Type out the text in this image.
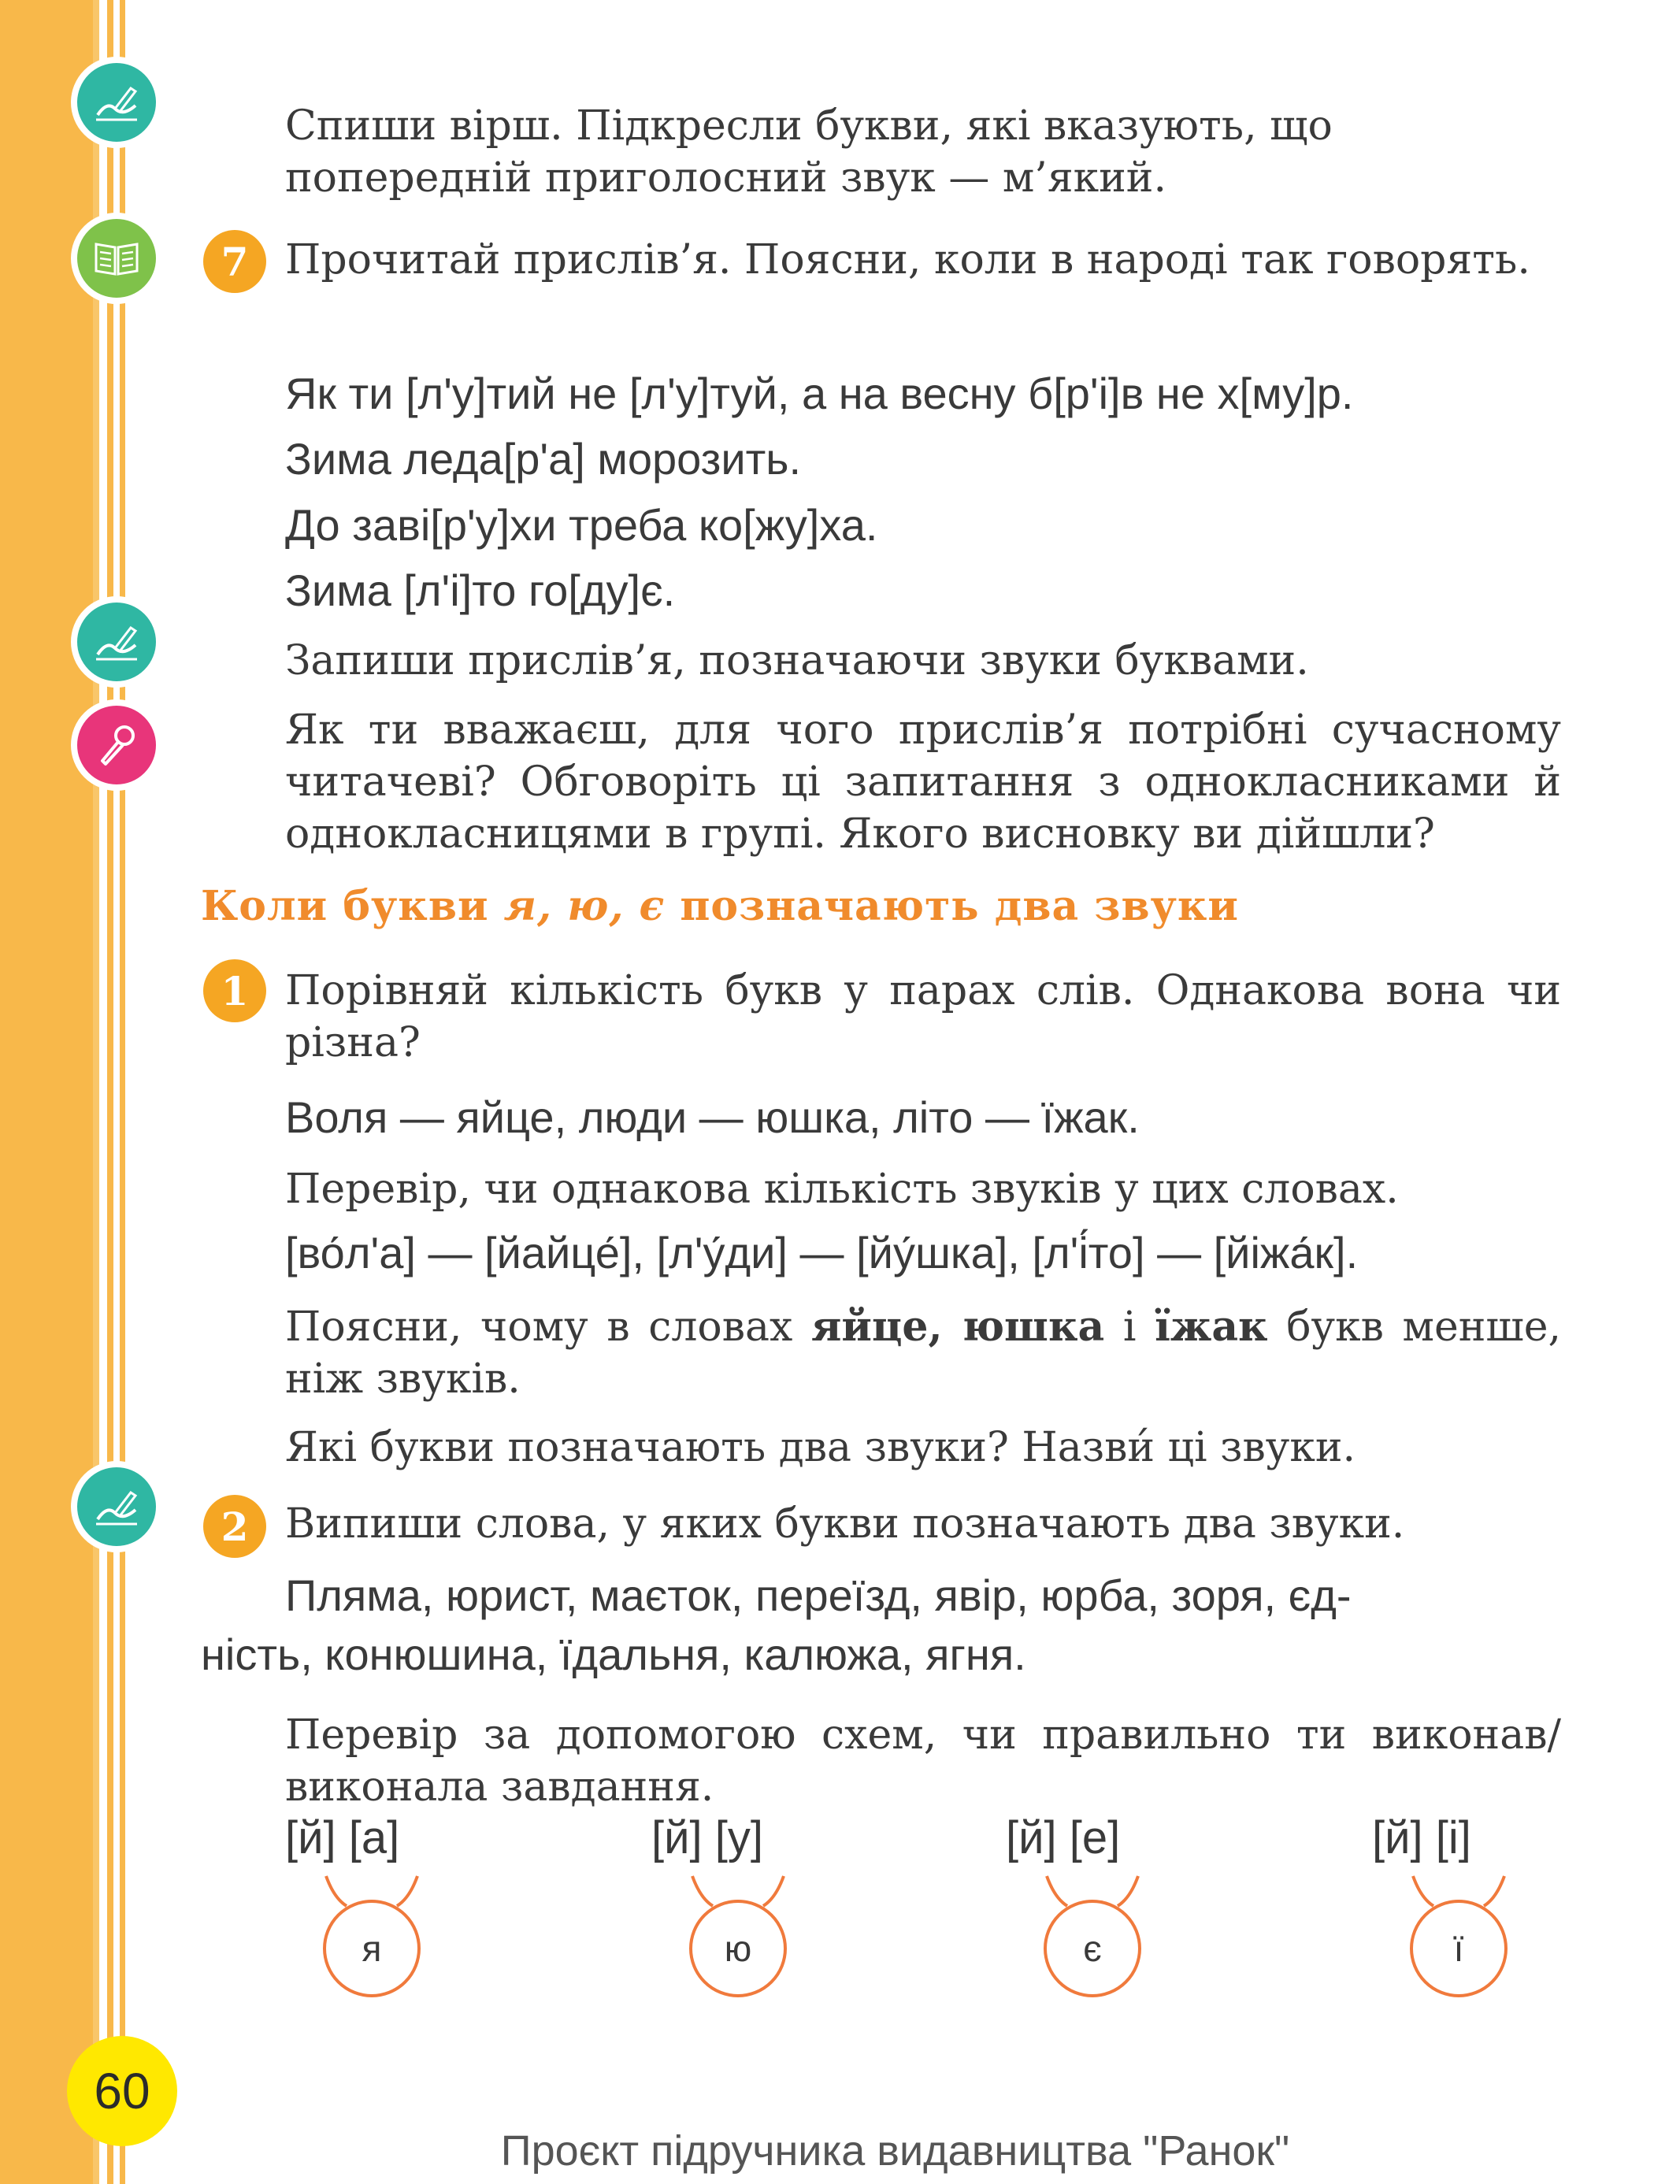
Спиши вірш. Підкресли букви, які вказують, що
попередній приголосний звук — м’який.

7 Прочитай прислів’я. Поясни, коли в народі так говорять.

Як ти [л'у]тий не [л'у]туй, а на весну б[р'і]в не х[му]р.

Зима леда[р'а] морозить.

До заві[р'у]хи треба ко[жу]ха.

Зима [л'і]то го[ду]є.

Запиши прислів’я, позначаючи звуки буквами.

Як ти вважаєш, для чого прислів’я потрібні сучасному читачеві? Обговоріть ці запитання з однокласниками й однокласницями в групі. Якого висновку ви дійшли?

Коли букви я, ю, є позначають два звуки

1 Порівняй кількість букв у парах слів. Однакова вона чи різна?

Воля — яйце, люди — юшка, літо — їжак.

Перевір, чи однакова кількість звуків у цих словах.

[во́л'а] — [йайце́], [л'у́ди] — [йу́шка], [л'і́то] — [йіжа́к].

Поясни, чому в словах яйце, юшка і їжак букв менше, ніж звуків.

Які букви позначають два звуки? Назви́ ці звуки.

2 Випиши слова, у яких букви позначають два звуки.

Пляма, юрист, маєток, переїзд, явір, юрба, зоря, єд-

ність, конюшина, їдальня, калюжа, ягня.

Перевір за допомогою схем, чи правильно ти виконав/ виконала завдання.

[й] [а]
я
[й] [у]
ю
[й] [е]
є
[й] [і]
ї
60

Проєкт підручника видавництва "Ранок"
